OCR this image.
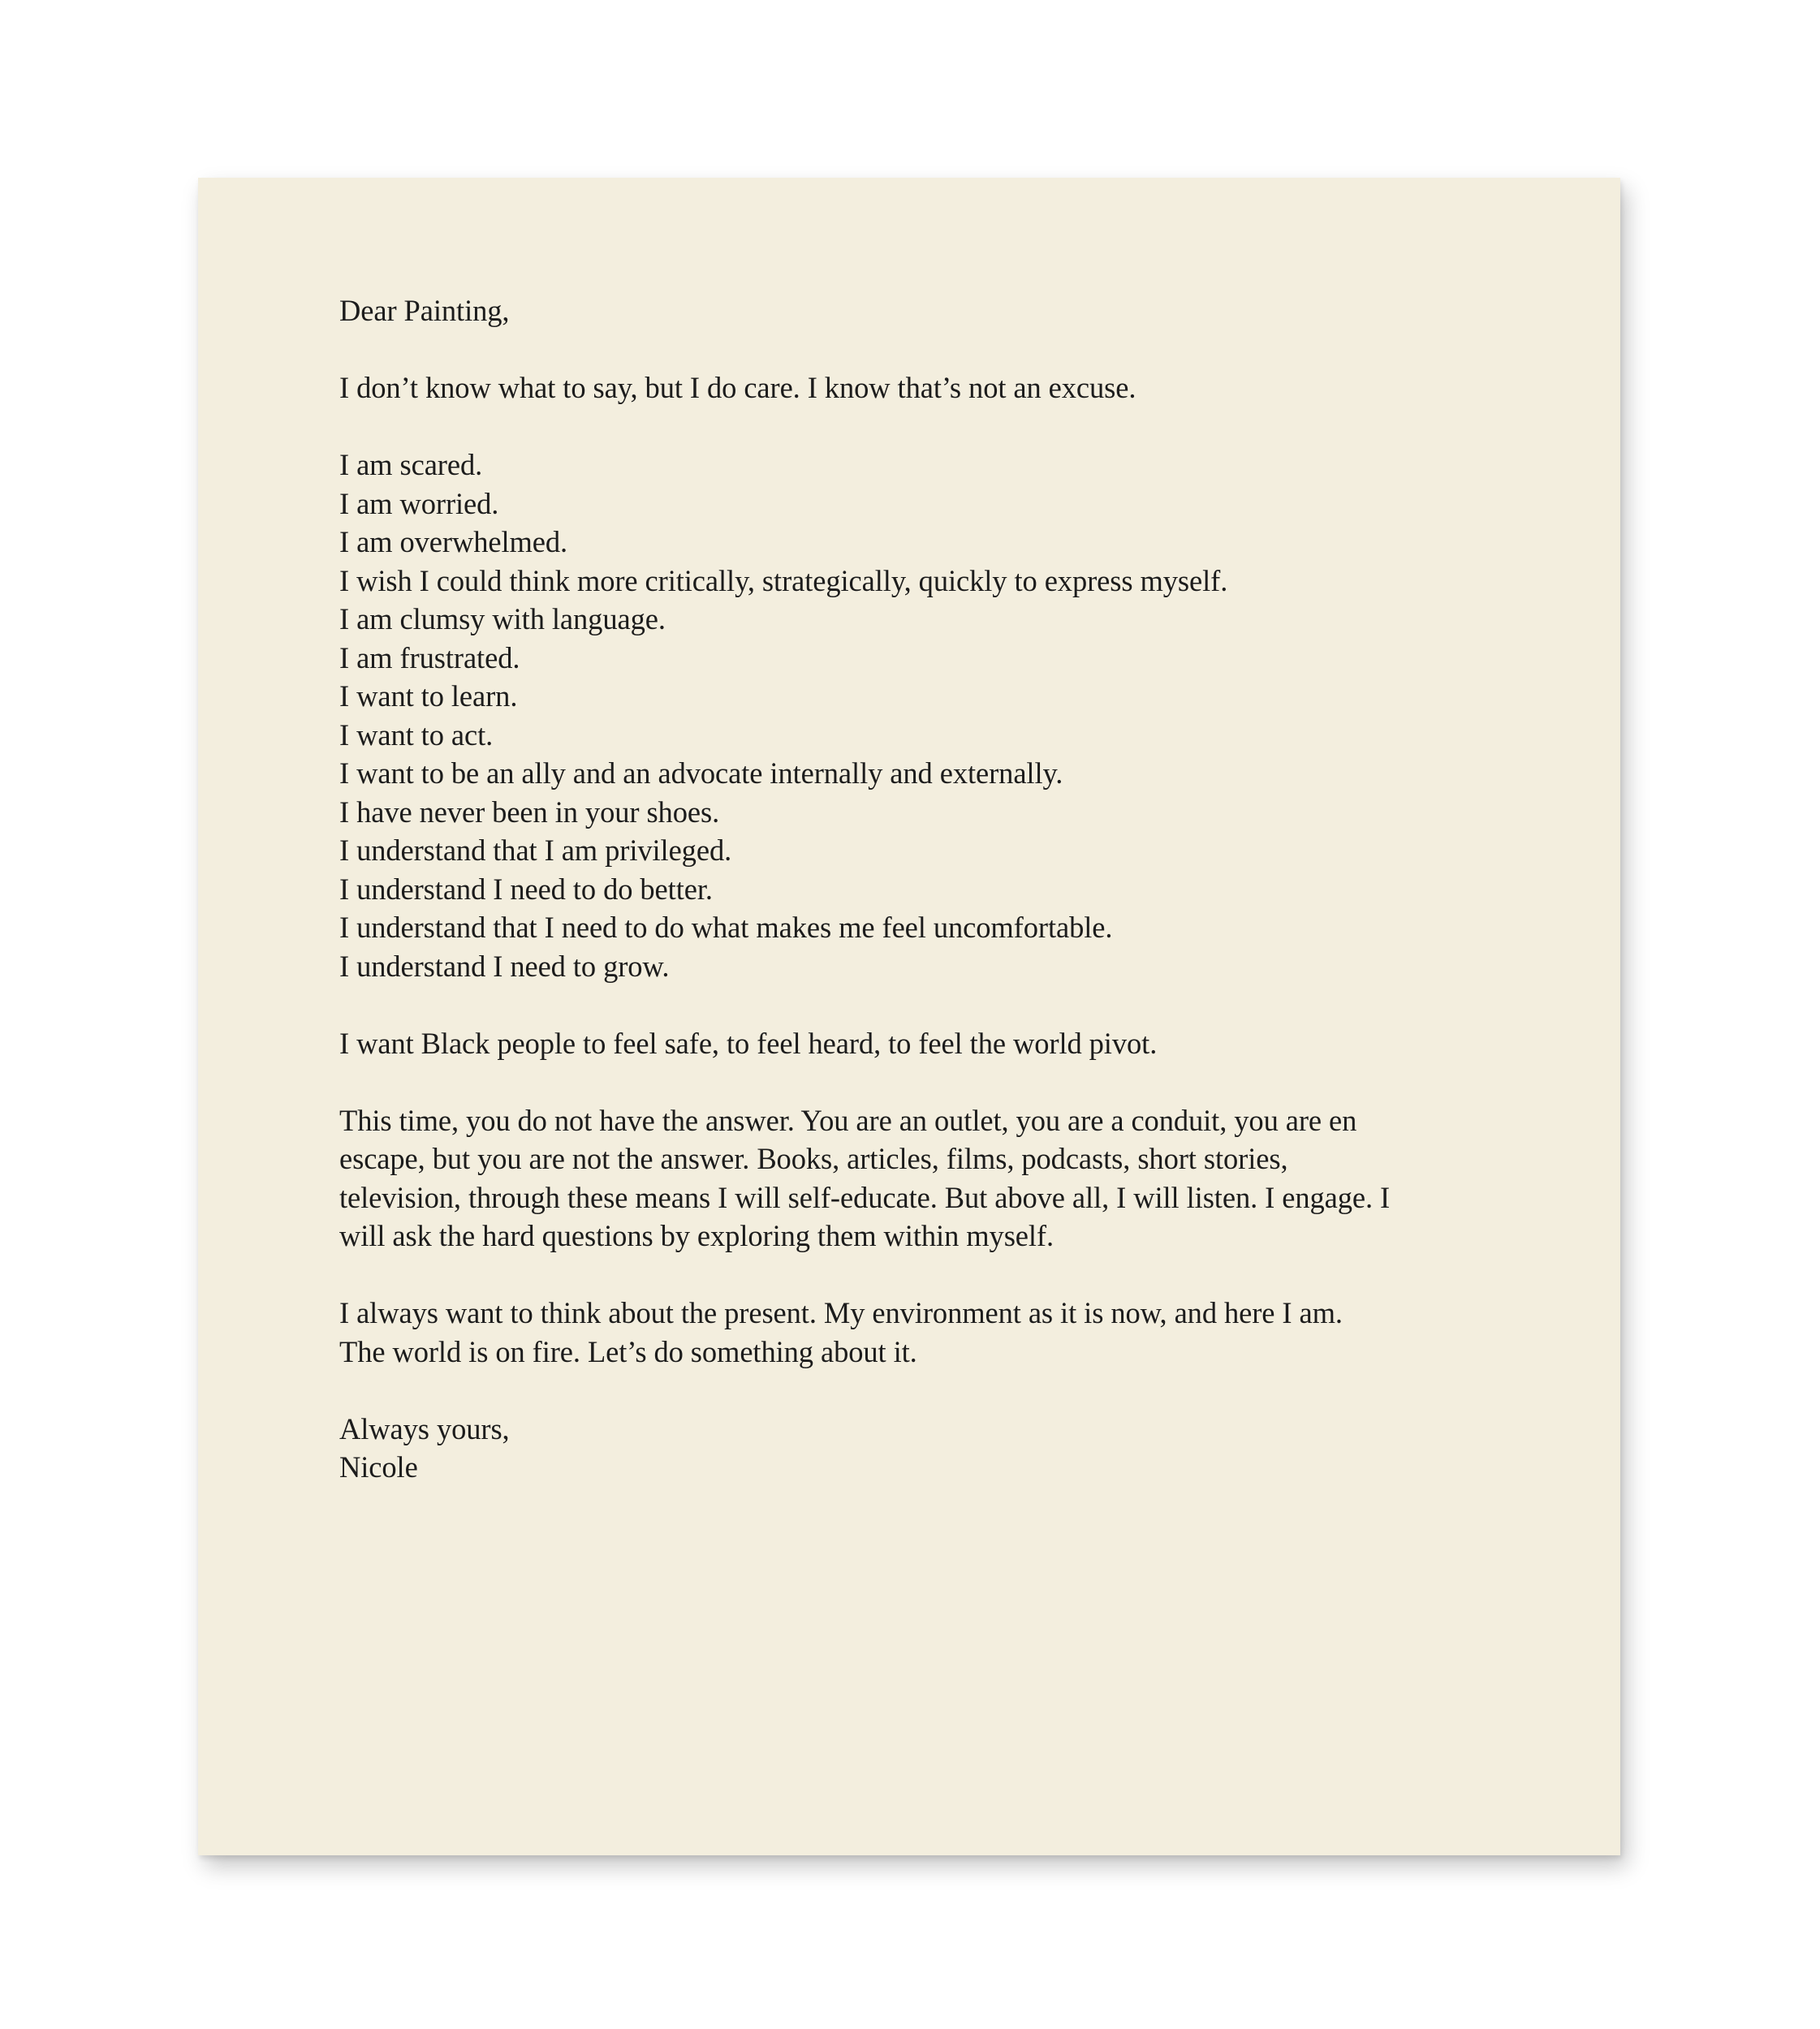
Dear Painting,
I don’t know what to say, but I do care. I know that’s not an excuse.
I am scared.
I am worried.
I am overwhelmed.
I wish I could think more critically, strategically, quickly to express myself.
I am clumsy with language.
I am frustrated.
I want to learn.
I want to act.
I want to be an ally and an advocate internally and externally.
I have never been in your shoes.
I understand that I am privileged.
I understand I need to do better.
I understand that I need to do what makes me feel uncomfortable.
I understand I need to grow.
I want Black people to feel safe, to feel heard, to feel the world pivot.
This time, you do not have the answer. You are an outlet, you are a conduit, you are en
escape, but you are not the answer. Books, articles, films, podcasts, short stories,
television, through these means I will self-educate. But above all, I will listen. I engage. I
will ask the hard questions by exploring them within myself.
I always want to think about the present. My environment as it is now, and here I am.
The world is on fire. Let’s do something about it.
Always yours,
Nicole
